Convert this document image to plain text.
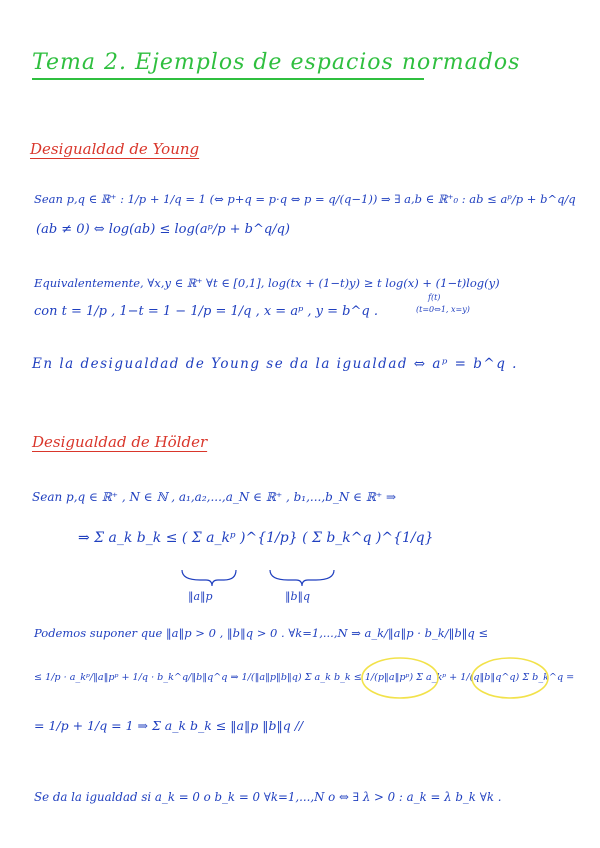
Tema 2. Ejemplos de espacios normados
Desigualdad de Young
Sean p,q ∈ ℝ⁺ : 1/p + 1/q = 1 (⇔ p+q = p·q ⇔ p = q/(q−1)) ⇒ ∃ a,b ∈ ℝ⁺₀ : ab ≤ aᵖ/p + b^q/q
(ab ≠ 0) ⇔ log(ab) ≤ log(aᵖ/p + b^q/q)
Equivalentemente, ∀x,y ∈ ℝ⁺ ∀t ∈ [0,1], log(tx + (1−t)y) ≥ t log(x) + (1−t)log(y)
con t = 1/p , 1−t = 1 − 1/p = 1/q , x = aᵖ , y = b^q .
f(t)
(t=0⇔1, x=y)
En la desigualdad de Young se da la igualdad ⇔ aᵖ = b^q .
Desigualdad de Hölder
Sean p,q ∈ ℝ⁺ , N ∈ ℕ , a₁,a₂,...,a_N ∈ ℝ⁺ , b₁,...,b_N ∈ ℝ⁺ ⇒
⇒ Σ a_k b_k ≤ ( Σ a_kᵖ )^{1/p} ( Σ b_k^q )^{1/q}
‖a‖p	‖b‖q
Podemos suponer que ‖a‖p > 0 , ‖b‖q > 0 . ∀k=1,...,N ⇒ a_k/‖a‖p · b_k/‖b‖q ≤
≤ 1/p · a_kᵖ/‖a‖pᵖ + 1/q · b_k^q/‖b‖q^q ⇒ 1/(‖a‖p‖b‖q) Σ a_k b_k ≤ 1/(p‖a‖pᵖ) Σ a_kᵖ + 1/(q‖b‖q^q) Σ b_k^q =
= 1/p + 1/q = 1 ⇒ Σ a_k b_k ≤ ‖a‖p ‖b‖q //
Se da la igualdad si a_k = 0 o b_k = 0 ∀k=1,...,N o ⇔ ∃ λ > 0 : a_k = λ b_k ∀k .
